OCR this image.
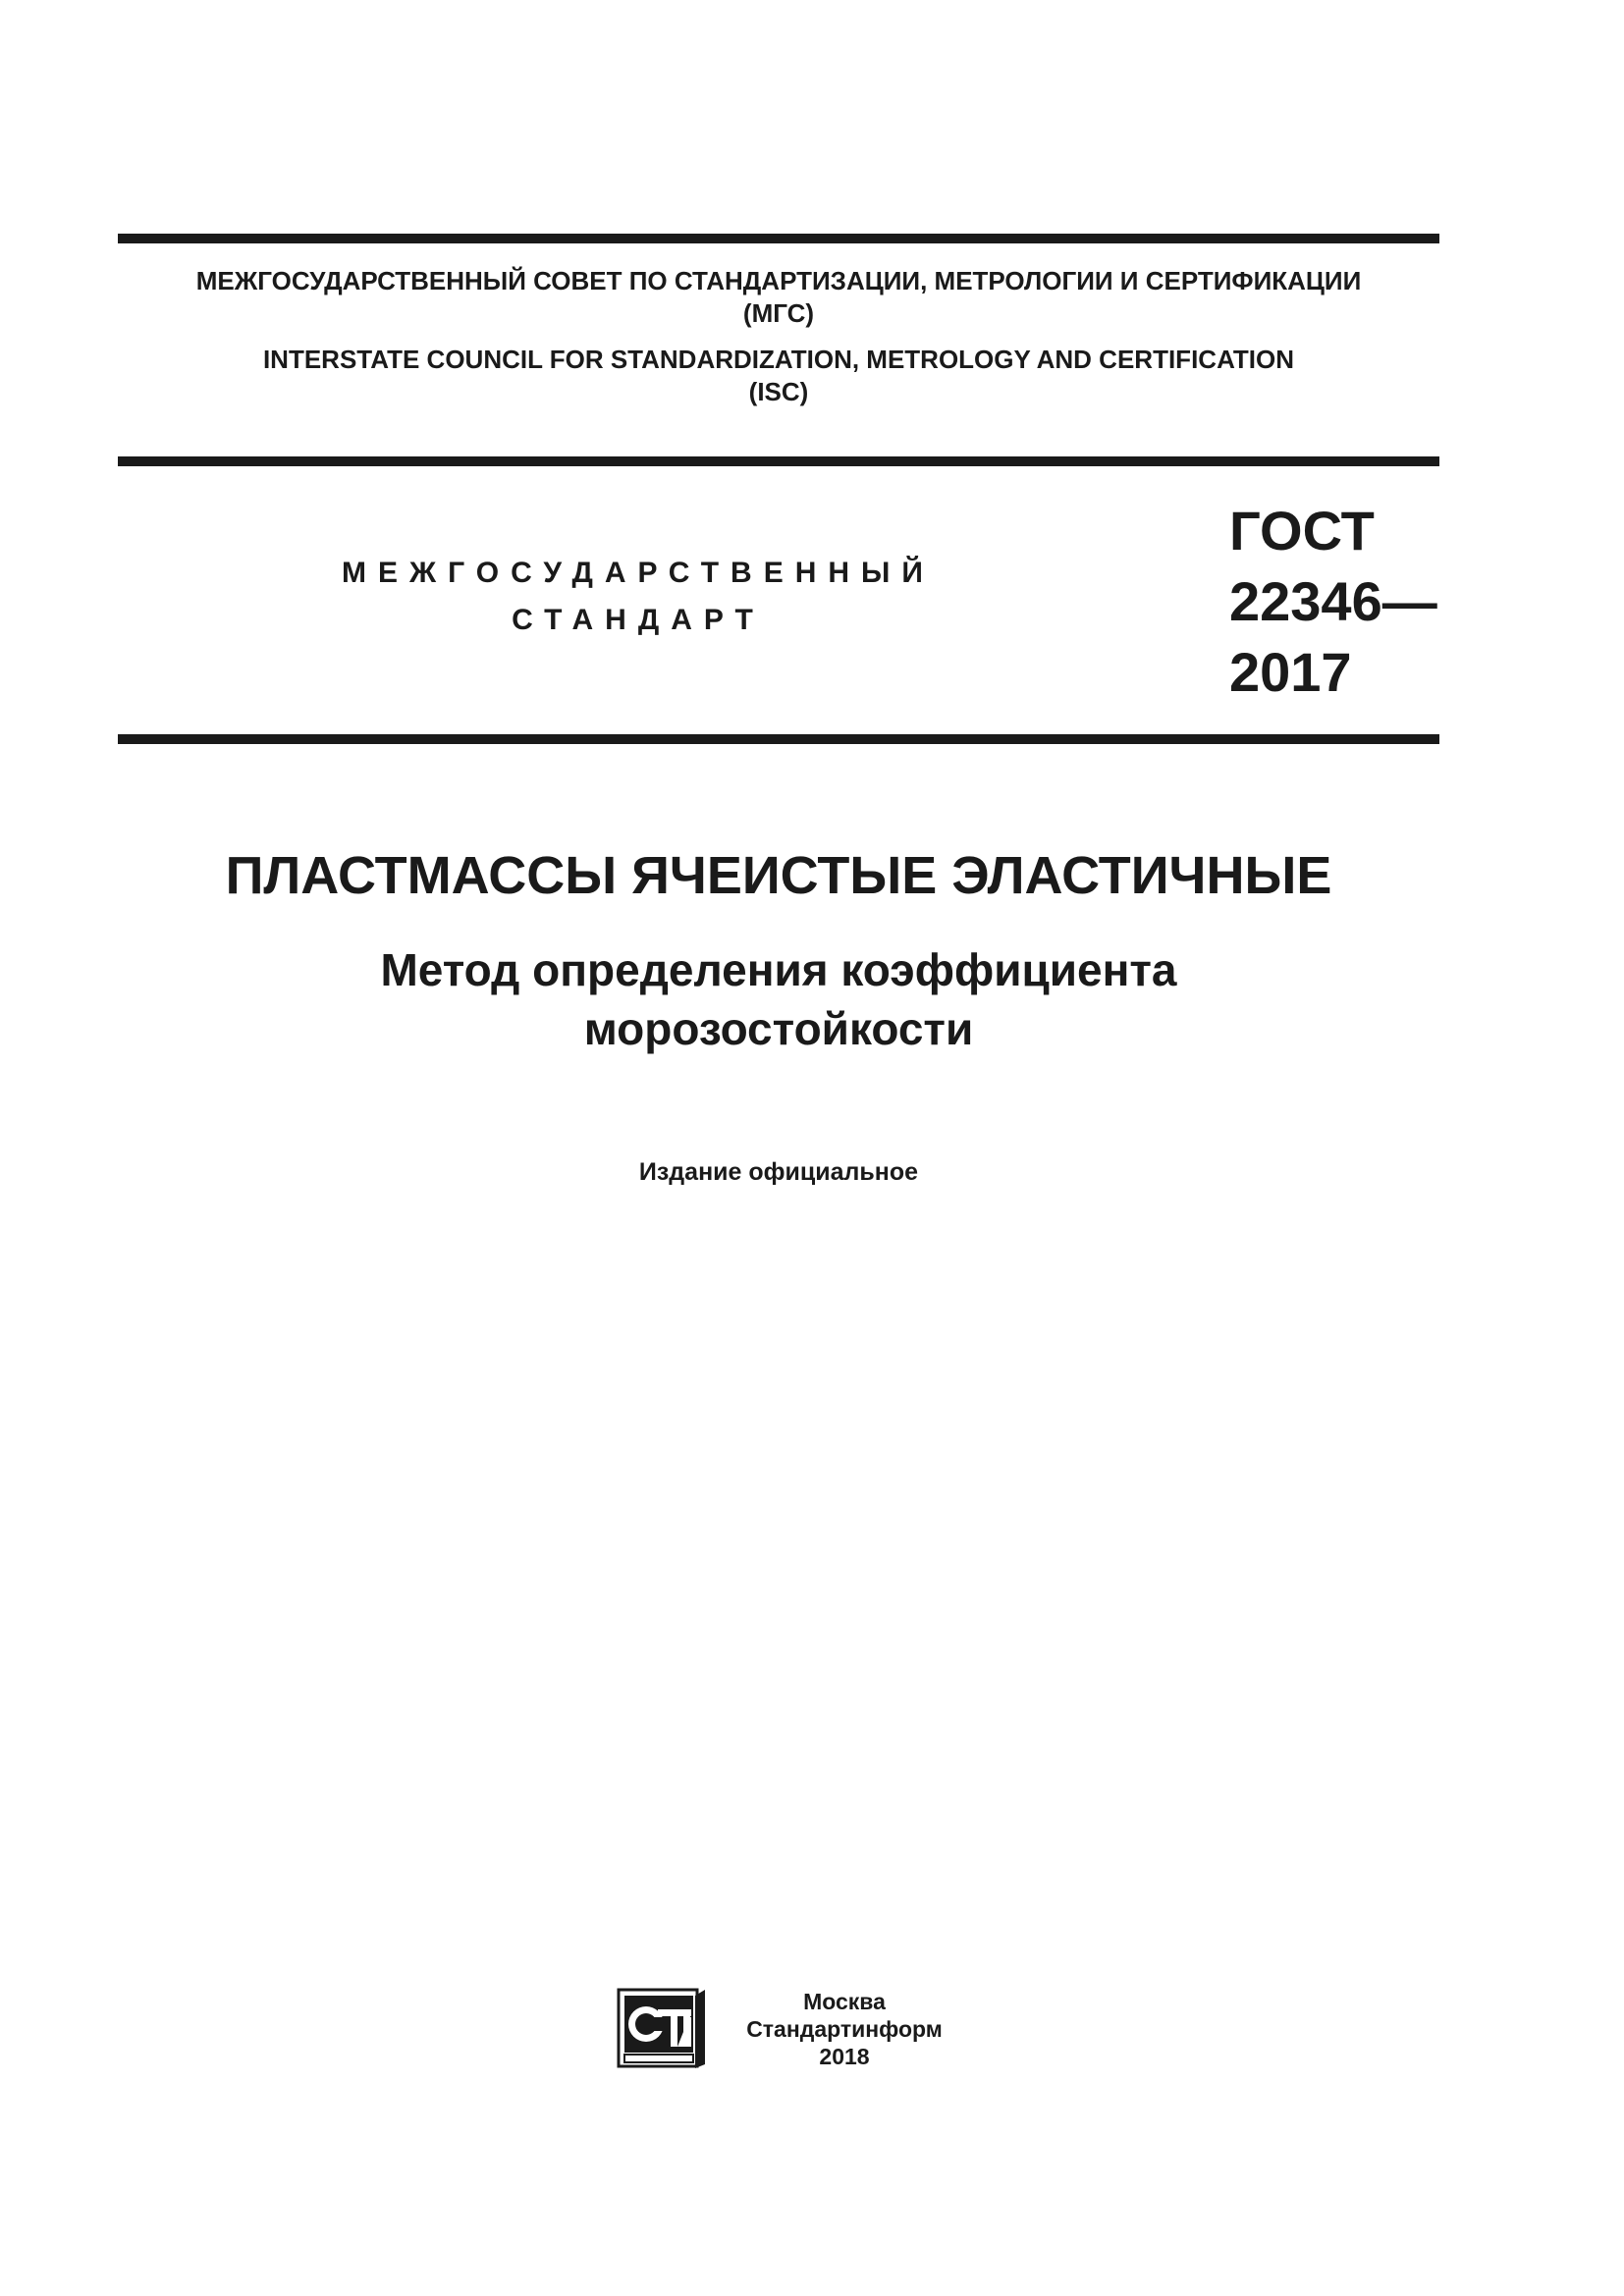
МЕЖГОСУДАРСТВЕННЫЙ СОВЕТ ПО СТАНДАРТИЗАЦИИ, МЕТРОЛОГИИ И СЕРТИФИКАЦИИ
(МГС)
INTERSTATE COUNCIL FOR STANDARDIZATION, METROLOGY AND CERTIFICATION
(ISC)
МЕЖГОСУДАРСТВЕННЫЙ
СТАНДАРТ
ГОСТ
22346—
2017
ПЛАСТМАССЫ ЯЧЕИСТЫЕ ЭЛАСТИЧНЫЕ
Метод определения коэффициента
морозостойкости
Издание официальное
Москва
Стандартинформ
2018
